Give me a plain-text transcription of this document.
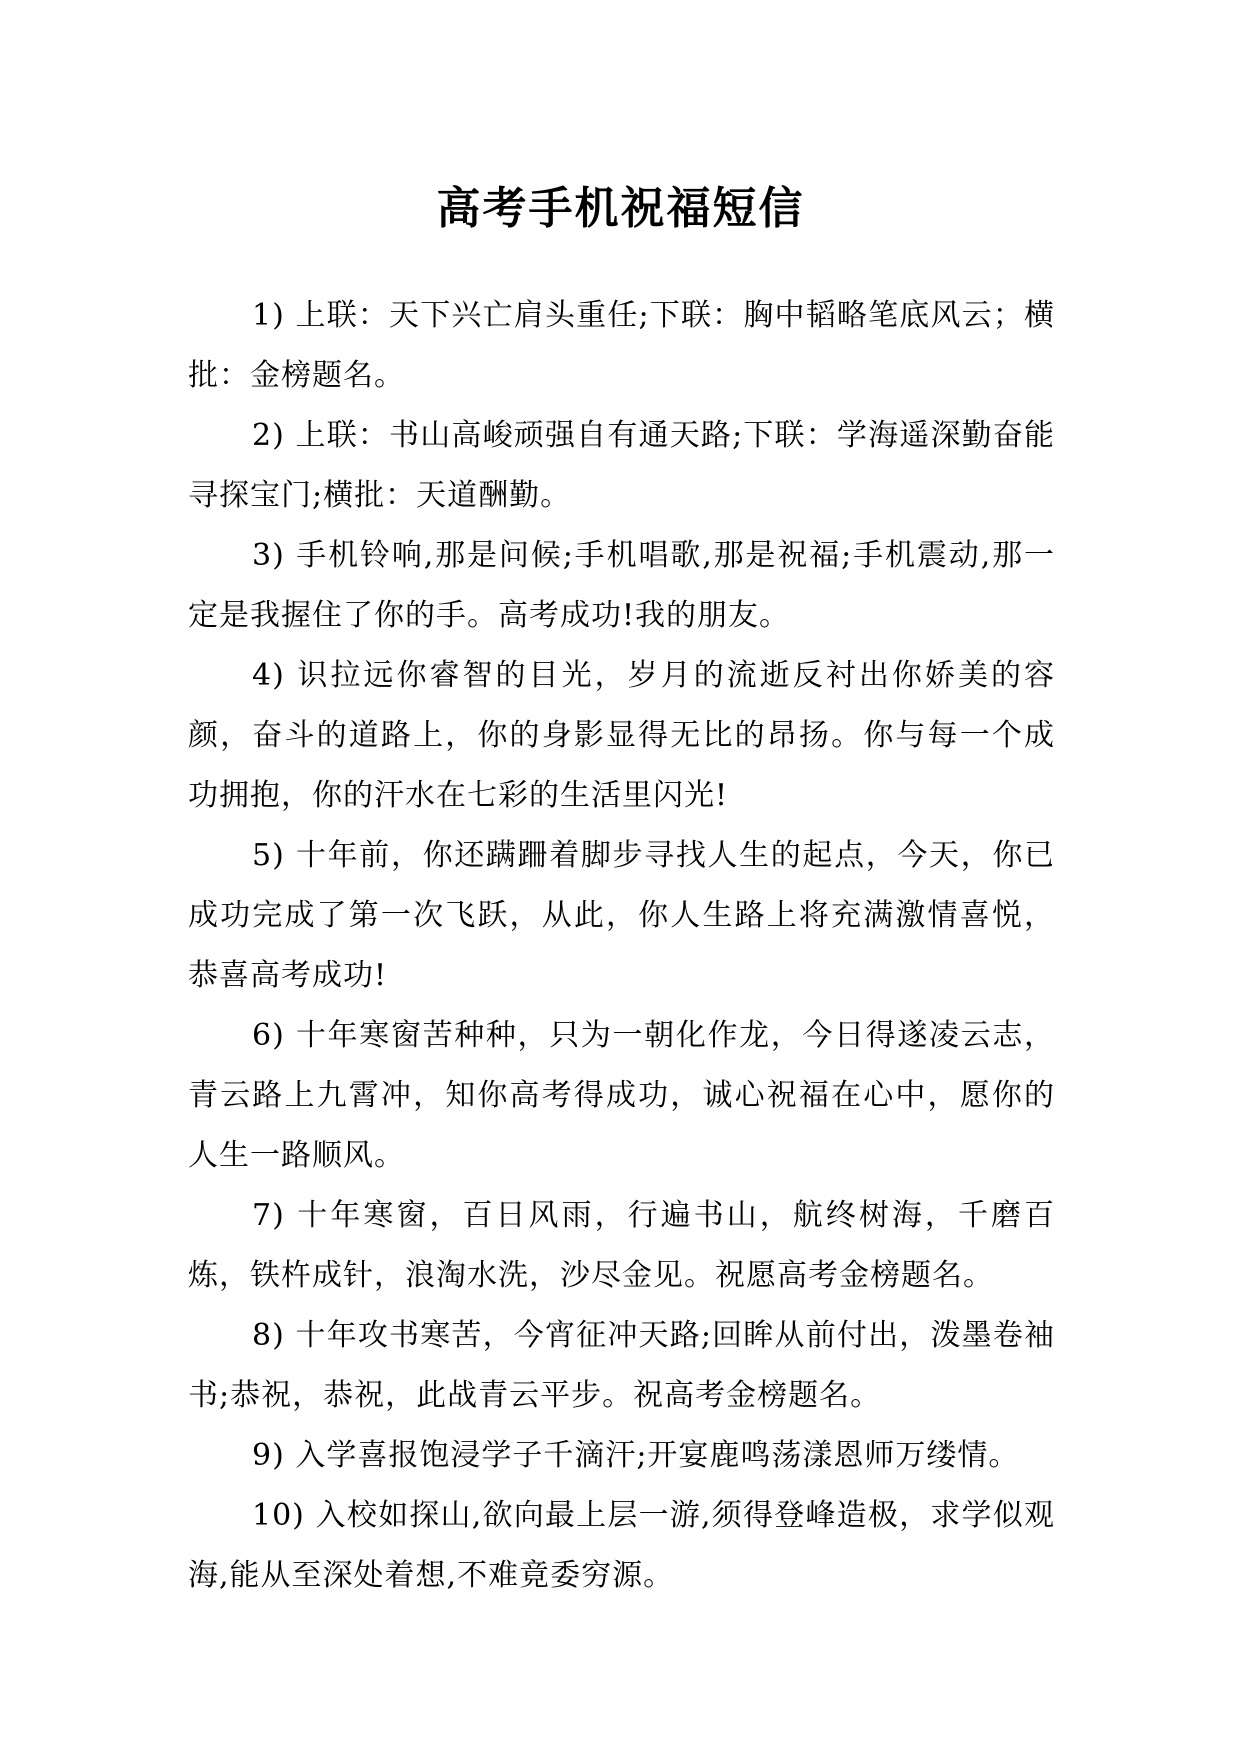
高考手机祝福短信

1) 上联：天下兴亡肩头重任;下联：胸中韬略笔底风云；横批：金榜题名。

2) 上联：书山高峻顽强自有通天路;下联：学海遥深勤奋能寻探宝门;横批：天道酬勤。

3) 手机铃响,那是问候;手机唱歌,那是祝福;手机震动,那一定是我握住了你的手。高考成功!我的朋友。

4) 识拉远你睿智的目光，岁月的流逝反衬出你娇美的容颜，奋斗的道路上，你的身影显得无比的昂扬。你与每一个成功拥抱，你的汗水在七彩的生活里闪光!

5) 十年前，你还蹒跚着脚步寻找人生的起点，今天，你已成功完成了第一次飞跃，从此，你人生路上将充满激情喜悦，恭喜高考成功!

6) 十年寒窗苦种种，只为一朝化作龙，今日得遂凌云志，青云路上九霄冲，知你高考得成功，诚心祝福在心中，愿你的人生一路顺风。

7) 十年寒窗，百日风雨，行遍书山，航终树海，千磨百炼，铁杵成针，浪淘水洗，沙尽金见。祝愿高考金榜题名。

8) 十年攻书寒苦，今宵征冲天路;回眸从前付出，泼墨卷袖书;恭祝，恭祝，此战青云平步。祝高考金榜题名。

9) 入学喜报饱浸学子千滴汗;开宴鹿鸣荡漾恩师万缕情。

10) 入校如探山,欲向最上层一游,须得登峰造极，求学似观海,能从至深处着想,不难竟委穷源。
